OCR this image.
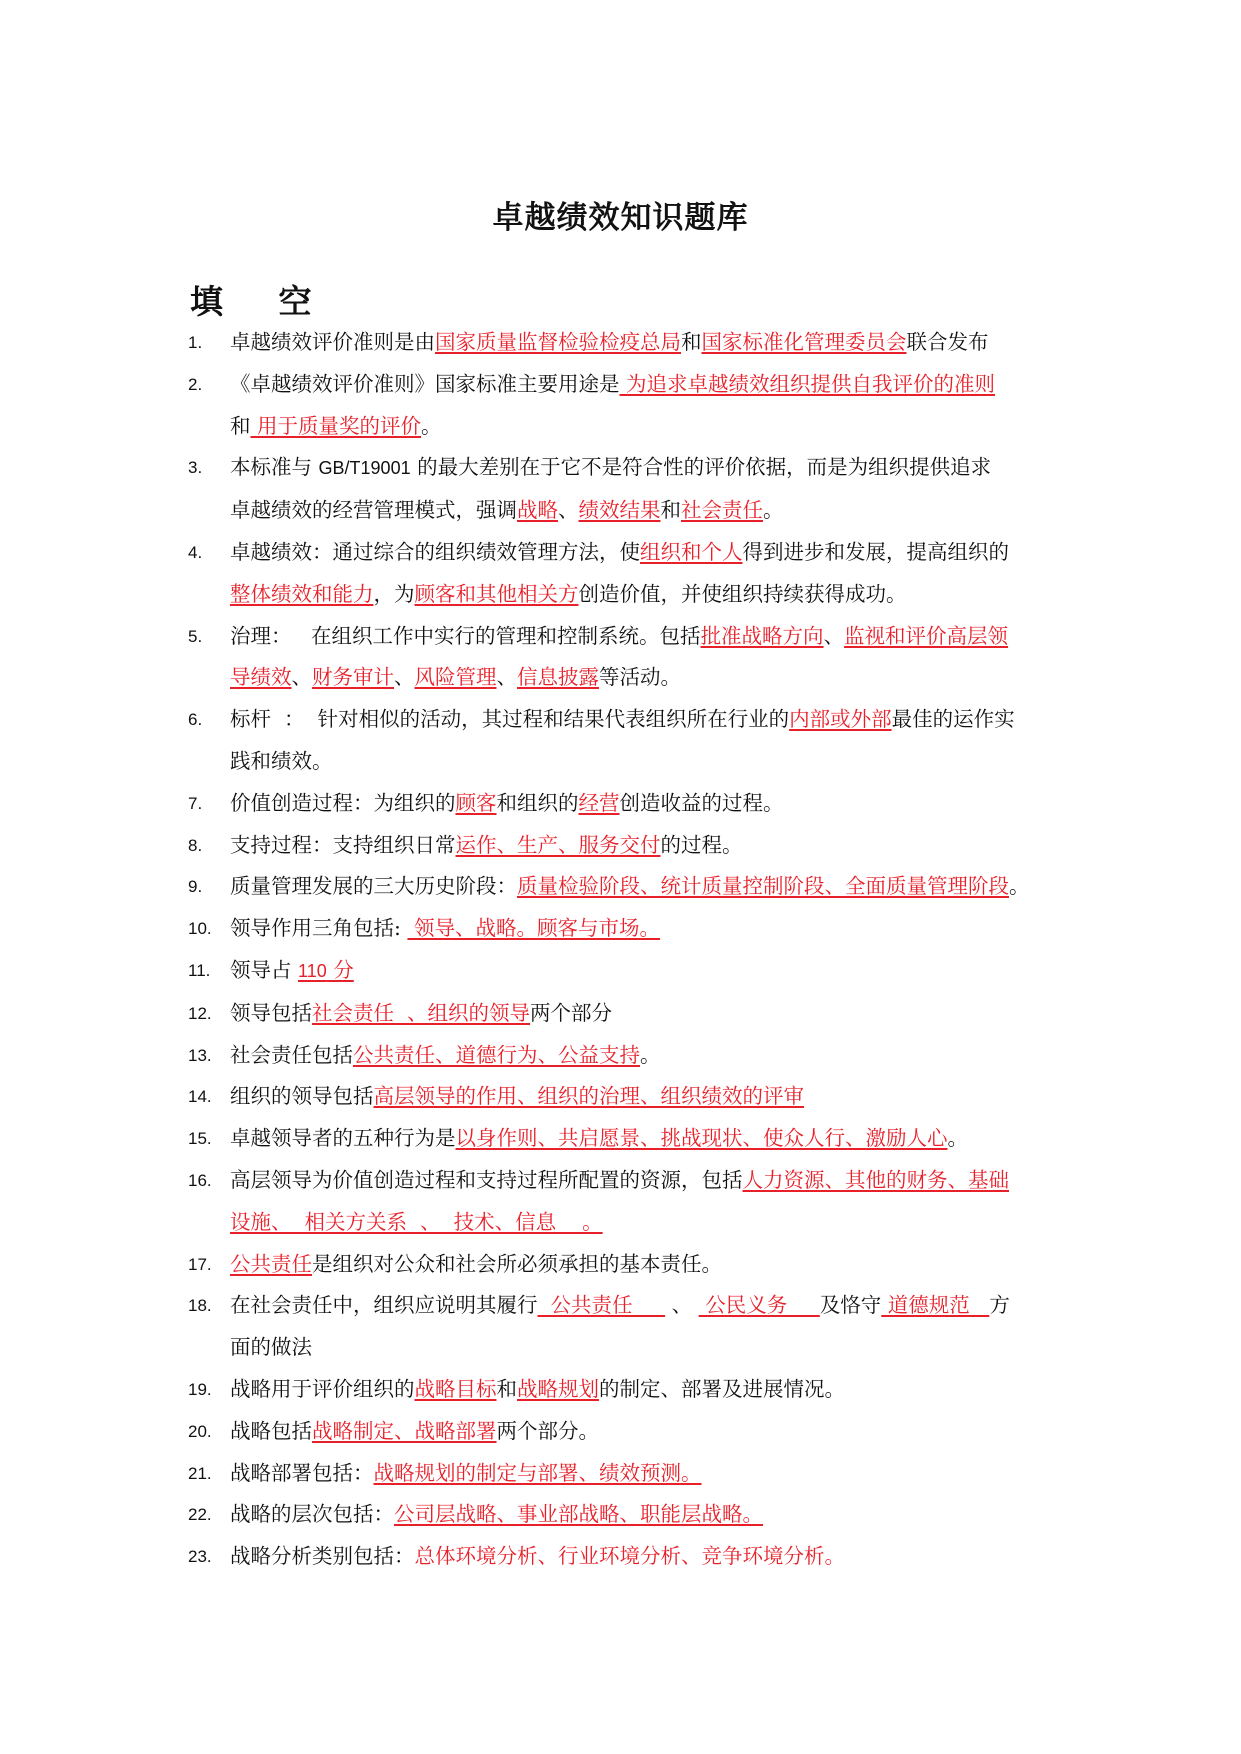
卓越绩效知识题库
填 空
1.	卓越绩效评价准则是由国家质量监督检验检疫总局和国家标准化管理委员会联合发布
2.	《卓越绩效评价准则》国家标准主要用途是 为追求卓越绩效组织提供自我评价的准则
和 用于质量奖的评价。
3.	本标准与 GB/T19001 的最大差别在于它不是符合性的评价依据，而是为组织提供追求
卓越绩效的经营管理模式，强调战略、绩效结果和社会责任。
4.	卓越绩效：通过综合的组织绩效管理方法，使组织和个人得到进步和发展，提高组织的
整体绩效和能力，为顾客和其他相关方创造价值，并使组织持续获得成功。
5.	治理：   在组织工作中实行的管理和控制系统。包括批准战略方向、监视和评价高层领
导绩效、财务审计、风险管理、信息披露等活动。
6.	标杆  ：  针对相似的活动，其过程和结果代表组织所在行业的内部或外部最佳的运作实
践和绩效。
7.	价值创造过程：为组织的顾客和组织的经营创造收益的过程。
8.	支持过程：支持组织日常运作、生产、服务交付的过程。
9.	质量管理发展的三大历史阶段：质量检验阶段、统计质量控制阶段、全面质量管理阶段。
10. 领导作用三角包括:  领导、战略。顾客与市场。
11. 领导占 110 分
12. 领导包括社会责任  、组织的领导两个部分
13. 社会责任包括公共责任、道德行为、公益支持。
14. 组织的领导包括高层领导的作用、组织的治理、组织绩效的评审
15. 卓越领导者的五种行为是以身作则、共启愿景、挑战现状、使众人行、激励人心。
16. 高层领导为价值创造过程和支持过程所配置的资源，包括人力资源、其他的财务、基础
设施、  相关方关系  、  技术、信息    。
17. 公共责任是组织对公众和社会所必须承担的基本责任。
18. 在社会责任中，组织应说明其履行  公共责任      、  公民义务     及恪守 道德规范   方
面的做法
19. 战略用于评价组织的战略目标和战略规划的制定、部署及进展情况。
20. 战略包括战略制定、战略部署两个部分。
21. 战略部署包括：战略规划的制定与部署、绩效预测。
22. 战略的层次包括：公司层战略、事业部战略、职能层战略。
23. 战略分析类别包括：总体环境分析、行业环境分析、竞争环境分析。
